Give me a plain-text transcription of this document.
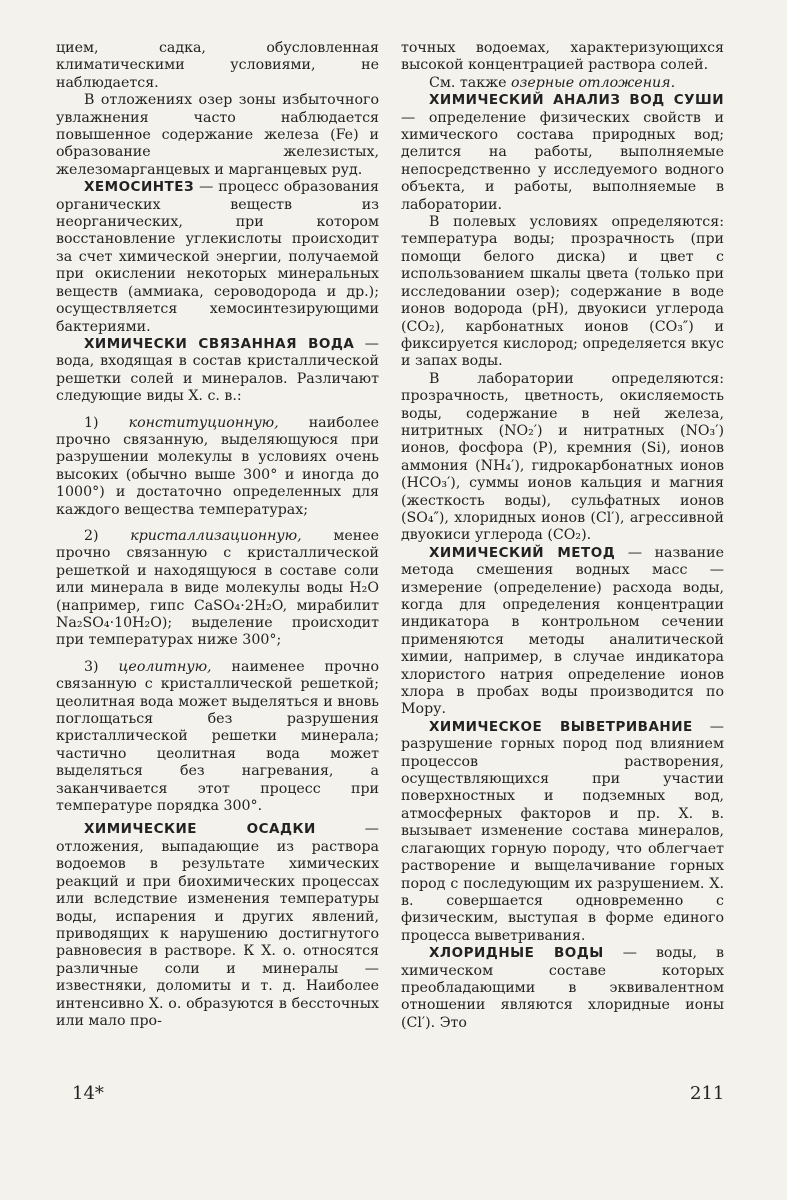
цием, садка, обусловленная климатическими условиями, не наблюдается.

В отложениях озер зоны избыточного увлажнения часто наблюдается повышенное содержание железа (Fe) и образование железистых, железомарганцевых и марганцевых руд.

ХЕМОСИНТЕЗ — процесс образования органических веществ из неорганических, при котором восстановление углекислоты происходит за счет химической энергии, получаемой при окислении некоторых минеральных веществ (аммиака, сероводорода и др.); осуществляется хемосинтезирующими бактериями.

ХИМИЧЕСКИ СВЯЗАННАЯ ВОДА — вода, входящая в состав кристаллической решетки солей и минералов. Различают следующие виды Х. с. в.:

1) конституционную, наиболее прочно связанную, выделяющуюся при разрушении молекулы в условиях очень высоких (обычно выше 300° и иногда до 1000°) и достаточно определенных для каждого вещества температурах;

2) кристаллизационную, менее прочно связанную с кристаллической решеткой и находящуюся в составе соли или минерала в виде молекулы воды H₂O (например, гипс CaSO₄·2H₂O, мирабилит Na₂SO₄·10H₂O); выделение происходит при температурах ниже 300°;

3) цеолитную, наименее прочно связанную с кристаллической решеткой; цеолитная вода может выделяться и вновь поглощаться без разрушения кристаллической решетки минерала; частично цеолитная вода может выделяться без нагревания, а заканчивается этот процесс при температуре порядка 300°.

ХИМИЧЕСКИЕ ОСАДКИ — отложения, выпадающие из раствора водоемов в результате химических реакций и при биохимических процессах или вследствие изменения температуры воды, испарения и других явлений, приводящих к нарушению достигнутого равновесия в растворе. К Х. о. относятся различные соли и минералы — известняки, доломиты и т. д. Наиболее интенсивно Х. о. образуются в бессточных или мало про-

точных водоемах, характеризующихся высокой концентрацией раствора солей.

См. также озерные отложения.

ХИМИЧЕСКИЙ АНАЛИЗ ВОД СУШИ — определение физических свойств и химического состава природных вод; делится на работы, выполняемые непосредственно у исследуемого водного объекта, и работы, выполняемые в лаборатории.

В полевых условиях определяются: температура воды; прозрачность (при помощи белого диска) и цвет с использованием шкалы цвета (только при исследовании озер); содержание в воде ионов водорода (pH), двуокиси углерода (CO₂), карбонатных ионов (CO₃″) и фиксируется кислород; определяется вкус и запах воды.

В лаборатории определяются: прозрачность, цветность, окисляемость воды, содержание в ней железа, нитритных (NO₂′) и нитратных (NO₃′) ионов, фосфора (P), кремния (Si), ионов аммония (NH₄′), гидрокарбонатных ионов (HCO₃′), суммы ионов кальция и магния (жесткость воды), сульфатных ионов (SO₄″), хлоридных ионов (Cl′), агрессивной двуокиси углерода (CO₂).

ХИМИЧЕСКИЙ МЕТОД — название метода смешения водных масс — измерение (определение) расхода воды, когда для определения концентрации индикатора в контрольном сечении применяются методы аналитической химии, например, в случае индикатора хлористого натрия определение ионов хлора в пробах воды производится по Мору.

ХИМИЧЕСКОЕ ВЫВЕТРИВАНИЕ — разрушение горных пород под влиянием процессов растворения, осуществляющихся при участии поверхностных и подземных вод, атмосферных факторов и пр. Х. в. вызывает изменение состава минералов, слагающих горную породу, что облегчает растворение и выщелачивание горных пород с последующим их разрушением. Х. в. совершается одновременно с физическим, выступая в форме единого процесса выветривания.

ХЛОРИДНЫЕ ВОДЫ — воды, в химическом составе которых преобладающими в эквивалентном отношении являются хлоридные ионы (Cl′). Это

14*	211
